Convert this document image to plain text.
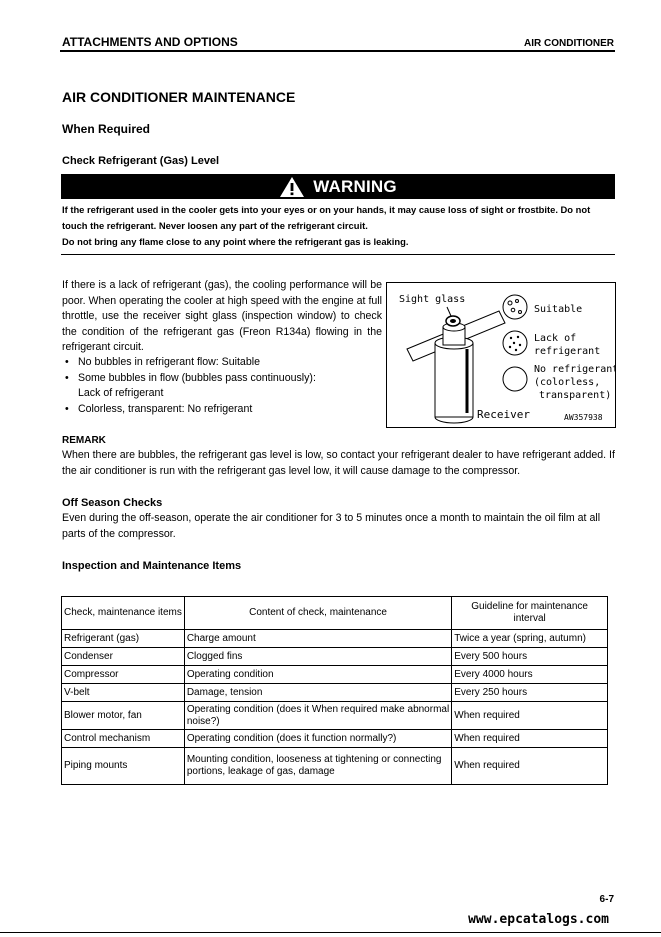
ATTACHMENTS AND OPTIONS	AIR CONDITIONER
AIR CONDITIONER MAINTENANCE
When Required
Check Refrigerant (Gas) Level
WARNING
If the refrigerant used in the cooler gets into your eyes or on your hands, it may cause loss of sight or frostbite. Do not touch the refrigerant. Never loosen any part of the refrigerant circuit.
Do not bring any flame close to any point where the refrigerant gas is leaking.
If there is a lack of refrigerant (gas), the cooling performance will be poor. When operating the cooler at high speed with the engine at full throttle, use the receiver sight glass (inspection window) to check the condition of the refrigerant gas (Freon R134a) flowing in the refrigerant circuit.
• No bubbles in refrigerant flow: Suitable
• Some bubbles in flow (bubbles pass continuously):
Lack of refrigerant
• Colorless, transparent: No refrigerant
Sight glass
Suitable
Lack of
refrigerant
No refrigerant
(colorless,
transparent)
Receiver	AW357938
REMARK
When there are bubbles, the refrigerant gas level is low, so contact your refrigerant dealer to have refrigerant added. If the air conditioner is run with the refrigerant gas level low, it will cause damage to the compressor.
Off Season Checks
Even during the off-season, operate the air conditioner for 3 to 5 minutes once a month to maintain the oil film at all parts of the compressor.
Inspection and Maintenance Items
Check, maintenance items	Content of check, maintenance	Guideline for maintenance interval
Refrigerant (gas)	Charge amount	Twice a year (spring, autumn)
Condenser	Clogged fins	Every 500 hours
Compressor	Operating condition	Every 4000 hours
V-belt	Damage, tension	Every 250 hours
Blower motor, fan	Operating condition (does it When required make abnormal noise?)	When required
Control mechanism	Operating condition (does it function normally?)	When required
Piping mounts	Mounting condition, looseness at tightening or connecting portions, leakage of gas, damage	When required
6-7
www.epcatalogs.com
